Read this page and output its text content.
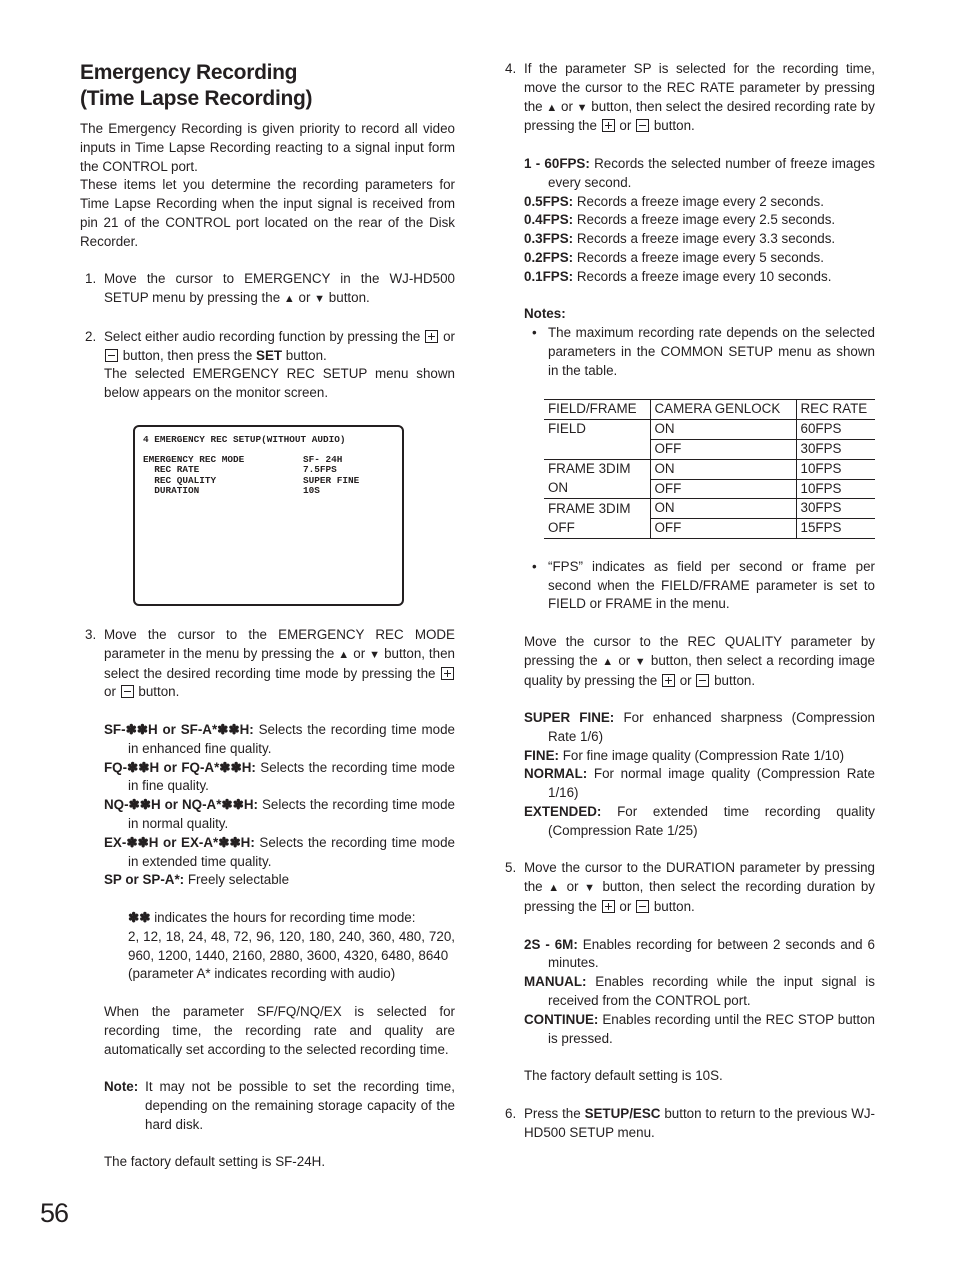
Emergency Recording
(Time Lapse Recording)

The Emergency Recording is given priority to record all video inputs in Time Lapse Recording reacting to a signal input form the CONTROL port.

These items let you determine the recording parameters for Time Lapse Recording when the input signal is received from pin 21 of the CONTROL port located on the rear of the Disk Recorder.

1. Move the cursor to EMERGENCY in the WJ-HD500 SETUP menu by pressing the ▲ or ▼ button.
2. Select either audio recording function by pressing the or  button, then press the SET button.
The selected EMERGENCY REC SETUP menu shown below appears on the monitor screen.
4 EMERGENCY REC SETUP(WITHOUT AUDIO)
EMERGENCY REC MODE	SF- 24H
REC RATE	7.5FPS
REC QUALITY	SUPER FINE
DURATION	10S
3. Move the cursor to the EMERGENCY REC MODE parameter in the menu by pressing the ▲ or ▼ button, then select the desired recording time mode by pressing the  or button.
SF-✽✽H or SF-A*✽✽H: Selects the recording time mode in enhanced fine quality.
FQ-✽✽H or FQ-A*✽✽H: Selects the recording time mode in fine quality.
NQ-✽✽H or NQ-A*✽✽H: Selects the recording time mode in normal quality.
EX-✽✽H or EX-A*✽✽H: Selects the recording time mode in extended time quality.
SP or SP-A*: Freely selectable
✽✽ indicates the hours for recording time mode:
2, 12, 18, 24, 48, 72, 96, 120, 180, 240, 360, 480, 720, 960, 1200, 1440, 2160, 2880, 3600, 4320, 6480, 8640
(parameter A* indicates recording with audio)
When the parameter SF/FQ/NQ/EX is selected for recording time, the recording rate and quality are automatically set according to the selected recording time.
Note: It may not be possible to set the recording time, depending on the remaining storage capacity of the hard disk.
The factory default setting is SF-24H.
4. If the parameter SP is selected for the recording time, move the cursor to the REC RATE parameter by pressing the ▲ or ▼ button, then select the desired recording rate by pressing the or button.
1 - 60FPS: Records the selected number of freeze images every second.
0.5FPS: Records a freeze image every 2 seconds.
0.4FPS: Records a freeze image every 2.5 seconds.
0.3FPS: Records a freeze image every 3.3 seconds.
0.2FPS: Records a freeze image every 5 seconds.
0.1FPS: Records a freeze image every 10 seconds.
Notes:
• The maximum recording rate depends on the selected parameters in the COMMON SETUP menu as shown in the table.
FIELD/FRAME	CAMERA GENLOCK	REC RATE
FIELD	ON	60FPS
	OFF	30FPS
FRAME 3DIM	ON	10FPS
ON	OFF	10FPS
FRAME 3DIM	ON	30FPS
OFF	OFF	15FPS
• “FPS” indicates as field per second or frame per second when the FIELD/FRAME parameter is set to FIELD or FRAME in the menu.
Move the cursor to the REC QUALITY parameter by pressing the ▲ or ▼ button, then select a recording image quality by pressing the or button.
SUPER FINE: For enhanced sharpness (Compression Rate 1/6)
FINE: For fine image quality (Compression Rate 1/10)
NORMAL: For normal image quality (Compression Rate 1/16)
EXTENDED: For extended time recording quality (Compression Rate 1/25)
5. Move the cursor to the DURATION parameter by pressing the ▲ or ▼ button, then select the recording duration by pressing the or button.
2S - 6M: Enables recording for between 2 seconds and 6 minutes.
MANUAL: Enables recording while the input signal is received from the CONTROL port.
CONTINUE: Enables recording until the REC STOP button is pressed.
The factory default setting is 10S.
6. Press the SETUP/ESC button to return to the previous WJ-HD500 SETUP menu.
56
